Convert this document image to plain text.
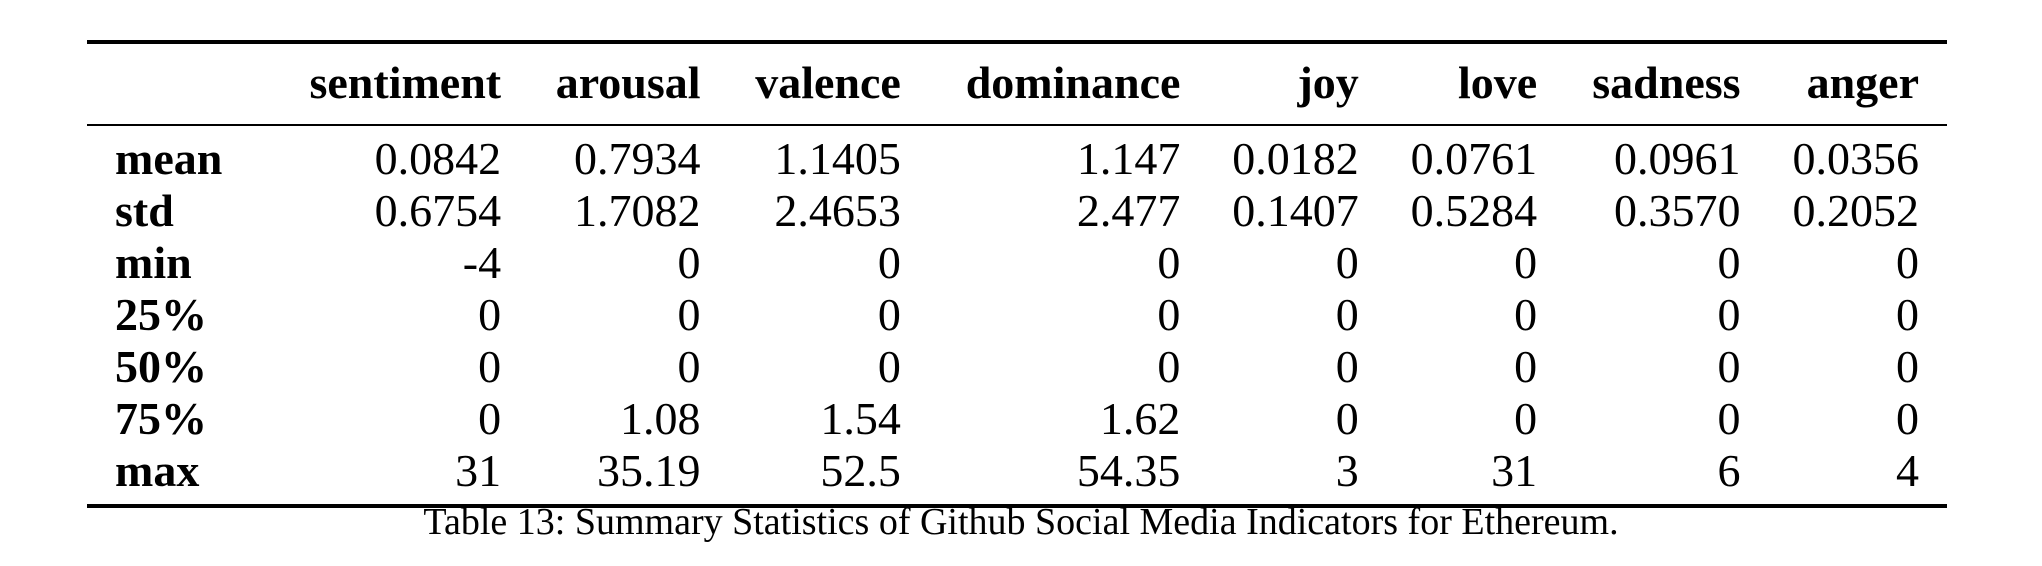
	sentiment	arousal	valence	dominance	joy	love	sadness	anger
mean	0.0842	0.7934	1.1405	1.147	0.0182	0.0761	0.0961	0.0356
std	0.6754	1.7082	2.4653	2.477	0.1407	0.5284	0.3570	0.2052
min	-4	0	0	0	0	0	0	0
25%	0	0	0	0	0	0	0	0
50%	0	0	0	0	0	0	0	0
75%	0	1.08	1.54	1.62	0	0	0	0
max	31	35.19	52.5	54.35	3	31	6	4
Table 13: Summary Statistics of Github Social Media Indicators for Ethereum.
